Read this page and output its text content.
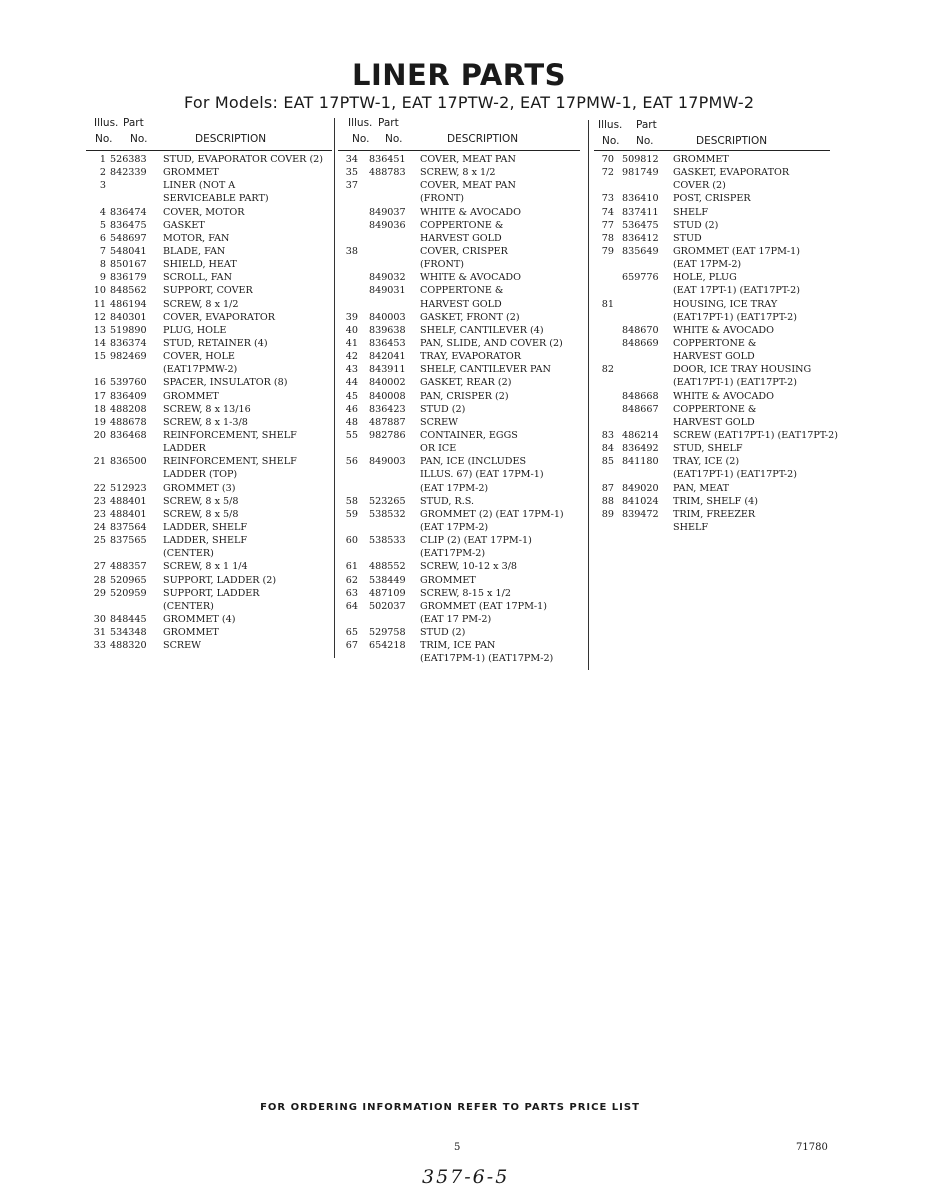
LINER PARTS
For Models: EAT 17PTW-1, EAT 17PTW-2, EAT 17PMW-1, EAT 17PMW-2
Illus. Part
No. No.	DESCRIPTION
1 526383 STUD, EVAPORATOR COVER (2)
2 842339 GROMMET
3	LINER (NOT A
SERVICEABLE PART)
4 836474 COVER, MOTOR
5 836475 GASKET
6 548697 MOTOR, FAN
7 548041 BLADE, FAN
8 850167 SHIELD, HEAT
9 836179 SCROLL, FAN
10 848562 SUPPORT, COVER
11 486194 SCREW, 8 x 1/2
12 840301 COVER, EVAPORATOR
13 519890 PLUG, HOLE
14 836374 STUD, RETAINER (4)
15 982469 COVER, HOLE
(EAT17PMW-2)
16 539760 SPACER, INSULATOR (8)
17 836409 GROMMET
18 488208 SCREW, 8 x 13/16
19 488678 SCREW, 8 x 1-3/8
20 836468 REINFORCEMENT, SHELF
LADDER
21 836500 REINFORCEMENT, SHELF
LADDER (TOP)
22 512923 GROMMET (3)
23 488401 SCREW, 8 x 5/8
23 488401 SCREW, 8 x 5/8
24 837564 LADDER, SHELF
25 837565 LADDER, SHELF
(CENTER)
27 488357 SCREW, 8 x 1 1/4
28 520965 SUPPORT, LADDER (2)
29 520959 SUPPORT, LADDER
(CENTER)
30 848445 GROMMET (4)
31 534348 GROMMET
33 488320 SCREW
Illus. Part
No. No.	DESCRIPTION
34 836451 COVER, MEAT PAN
35 488783 SCREW, 8 x 1/2
37	COVER, MEAT PAN
(FRONT)
849037 WHITE & AVOCADO
849036 COPPERTONE &
HARVEST GOLD
38	COVER, CRISPER
(FRONT)
849032 WHITE & AVOCADO
849031 COPPERTONE &
HARVEST GOLD
39 840003 GASKET, FRONT (2)
40 839638 SHELF, CANTILEVER (4)
41 836453 PAN, SLIDE, AND COVER (2)
42 842041 TRAY, EVAPORATOR
43 843911 SHELF, CANTILEVER PAN
44 840002 GASKET, REAR (2)
45 840008 PAN, CRISPER (2)
46 836423 STUD (2)
48 487887 SCREW
55 982786 CONTAINER, EGGS
OR ICE
56 849003 PAN, ICE (INCLUDES
ILLUS. 67) (EAT 17PM-1)
(EAT 17PM-2)
58 523265 STUD, R.S.
59 538532 GROMMET (2) (EAT 17PM-1)
(EAT 17PM-2)
60 538533 CLIP (2) (EAT 17PM-1)
(EAT17PM-2)
61 488552 SCREW, 10-12 x 3/8
62 538449 GROMMET
63 487109 SCREW, 8-15 x 1/2
64 502037 GROMMET (EAT 17PM-1)
(EAT 17 PM-2)
65 529758 STUD (2)
67 654218 TRIM, ICE PAN
(EAT17PM-1) (EAT17PM-2)
Illus. Part
No. No.	DESCRIPTION
70 509812 GROMMET
72 981749 GASKET, EVAPORATOR
COVER (2)
73 836410 POST, CRISPER
74 837411 SHELF
77 536475 STUD (2)
78 836412 STUD
79 835649 GROMMET (EAT 17PM-1)
(EAT 17PM-2)
659776 HOLE, PLUG
(EAT 17PT-1) (EAT17PT-2)
81	HOUSING, ICE TRAY
(EAT17PT-1) (EAT17PT-2)
848670 WHITE & AVOCADO
848669 COPPERTONE &
HARVEST GOLD
82	DOOR, ICE TRAY HOUSING
(EAT17PT-1) (EAT17PT-2)
848668 WHITE & AVOCADO
848667 COPPERTONE &
HARVEST GOLD
83 486214 SCREW (EAT17PT-1) (EAT17PT-2)
84 836492 STUD, SHELF
85 841180 TRAY, ICE (2)
(EAT17PT-1) (EAT17PT-2)
87 849020 PAN, MEAT
88 841024 TRIM, SHELF (4)
89 839472 TRIM, FREEZER
SHELF
FOR ORDERING INFORMATION REFER TO PARTS PRICE LIST
5	71780
357-6-5
